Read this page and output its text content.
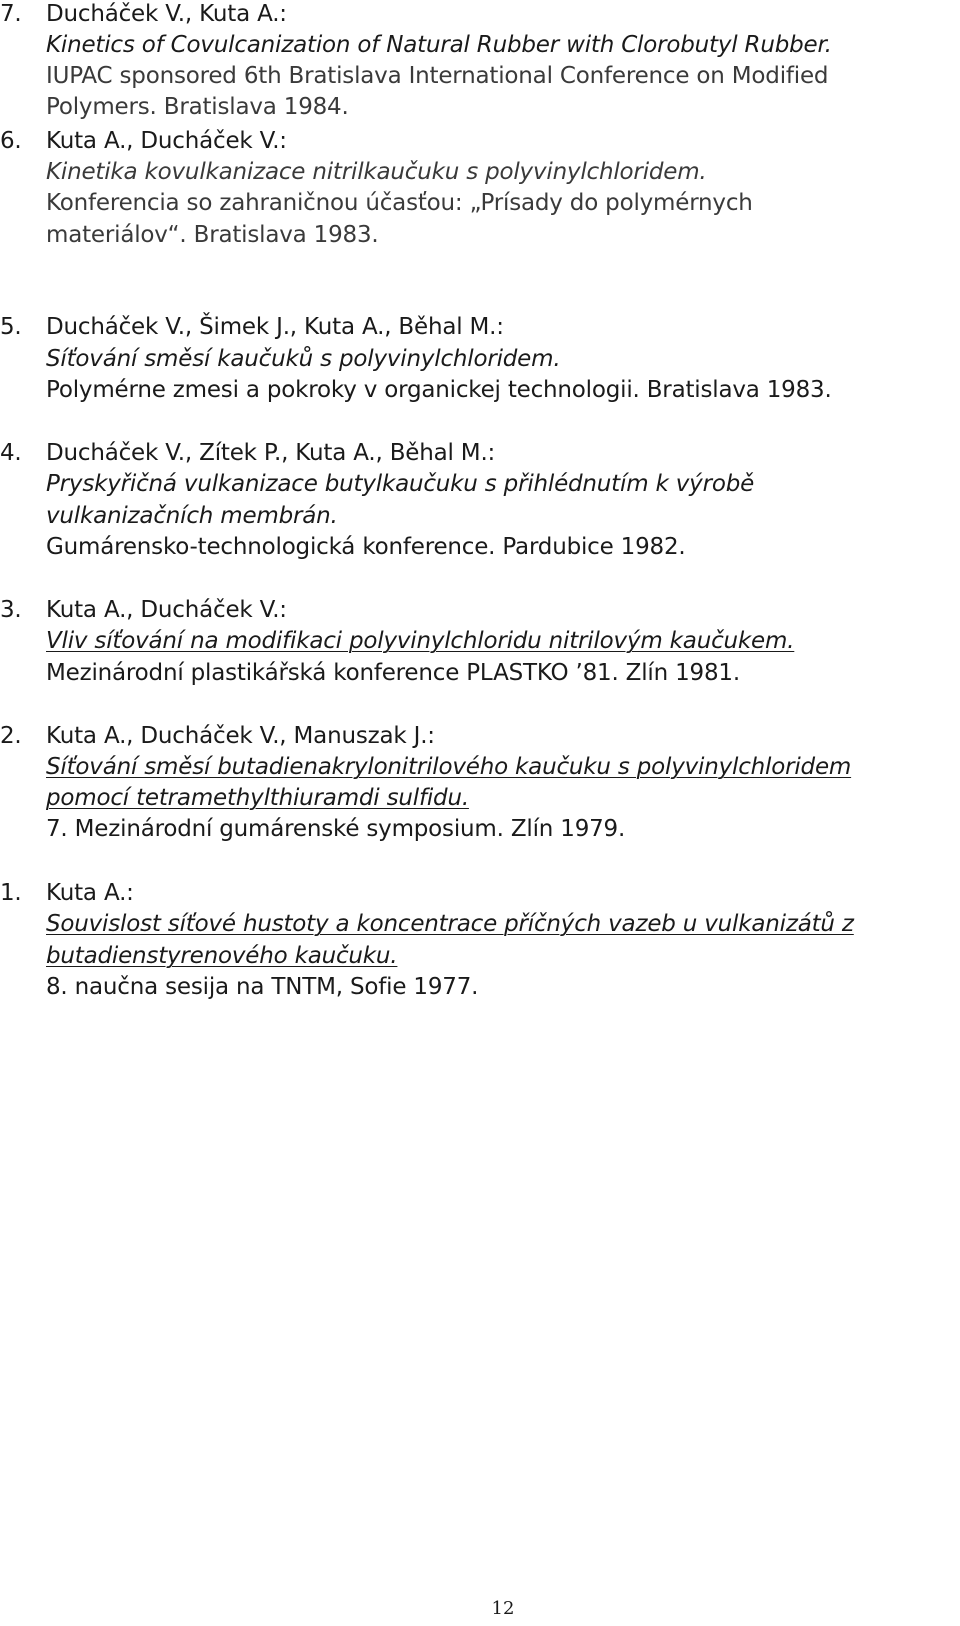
7. Ducháček V., Kuta A.:
Kinetics of Covulcanization of Natural Rubber with Clorobutyl Rubber.
IUPAC sponsored 6th Bratislava International Conference on Modified
Polymers. Bratislava 1984.
6. Kuta A., Ducháček V.:
Kinetika kovulkanizace nitrilkaučuku s polyvinylchloridem.
Konferencia so zahraničnou účasťou: „Prísady do polymérnych
materiálov“. Bratislava 1983.
5. Ducháček V., Šimek J., Kuta A., Běhal M.:
Síťování směsí kaučuků s polyvinylchloridem.
Polymérne zmesi a pokroky v organickej technologii. Bratislava 1983.
4. Ducháček V., Zítek P., Kuta A., Běhal M.:
Pryskyřičná vulkanizace butylkaučuku s přihlédnutím k výrobě
vulkanizačních membrán.
Gumárensko-technologická konference. Pardubice 1982.
3. Kuta A., Ducháček V.:
Vliv síťování na modifikaci polyvinylchloridu nitrilovým kaučukem.
Mezinárodní plastikářská konference PLASTKO ’81. Zlín 1981.
2. Kuta A., Ducháček V., Manuszak J.:
Síťování směsí butadienakrylonitrilového kaučuku s polyvinylchloridem
pomocí tetramethylthiuramdi sulfidu.
7. Mezinárodní gumárenské symposium. Zlín 1979.
1. Kuta A.:
Souvislost síťové hustoty a koncentrace příčných vazeb u vulkanizátů z
butadienstyrenového kaučuku.
8. naučna sesija na TNTM, Sofie 1977.
12
